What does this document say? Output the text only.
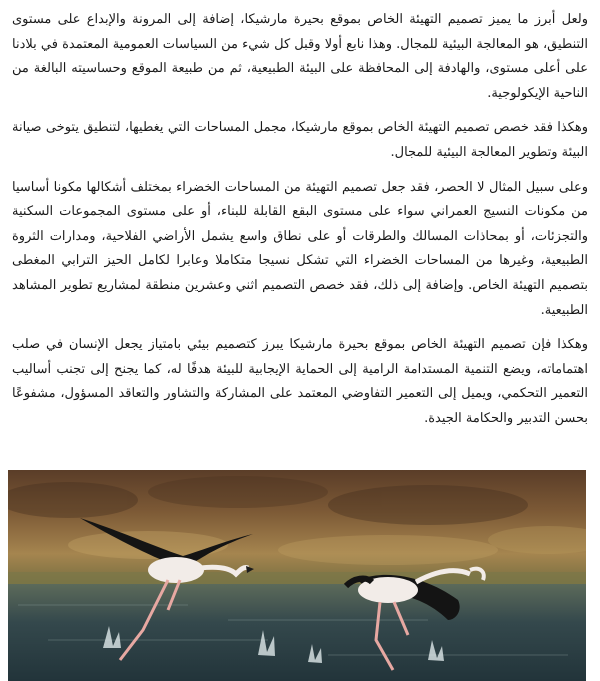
ولعل أبرز ما يميز تصميم التهيئة الخاص بموقع بحيرة مارشيكا، إضافة إلى المرونة والإبداع على مستوى التنطيق، هو المعالجة البيئية للمجال. وهذا نابع أولا وقبل كل شيء من السياسات العمومية المعتمدة في بلادنا على أعلى مستوى، والهادفة إلى المحافظة على البيئة الطبيعية، ثم من طبيعة الموقع وحساسيته البالغة من الناحية الإيكولوجية.

وهكذا فقد خصص تصميم التهيئة الخاص بموقع مارشيكا، مجمل المساحات التي يغطيها، لتنطيق يتوخى صيانة البيئة وتطوير المعالجة البيئية للمجال.

وعلى سبيل المثال لا الحصر، فقد جعل تصميم التهيئة من المساحات الخضراء بمختلف أشكالها مكونا أساسيا من مكونات النسيج العمراني سواء على مستوى البقع القابلة للبناء، أو على مستوى المجموعات السكنية والتجزئات، أو بمحاذات المسالك والطرقات أو على نطاق واسع يشمل الأراضي الفلاحية، ومدارات الثروة الطبيعية، وغيرها من المساحات الخضراء التي تشكل نسيجا متكاملا وعابرا لكامل الحيز الترابي المغطى بتصميم التهيئة الخاص. وإضافة إلى ذلك، فقد خصص التصميم اثني وعشرين منطقة لمشاريع تطوير المشاهد الطبيعية.

وهكذا فإن تصميم التهيئة الخاص بموقع بحيرة مارشيكا يبرز كتصميم بيئي بامتياز يجعل الإنسان في صلب اهتماماته، ويضع التنمية المستدامة الرامية إلى الحماية الإيجابية للبيئة هدفًا له، كما يجنح إلى تجنب أساليب التعمير التحكمي، ويميل إلى التعمير التفاوضي المعتمد على المشاركة والتشاور والتعاقد المسؤول، مشفوعًا بحسن التدبير والحكامة الجيدة.
